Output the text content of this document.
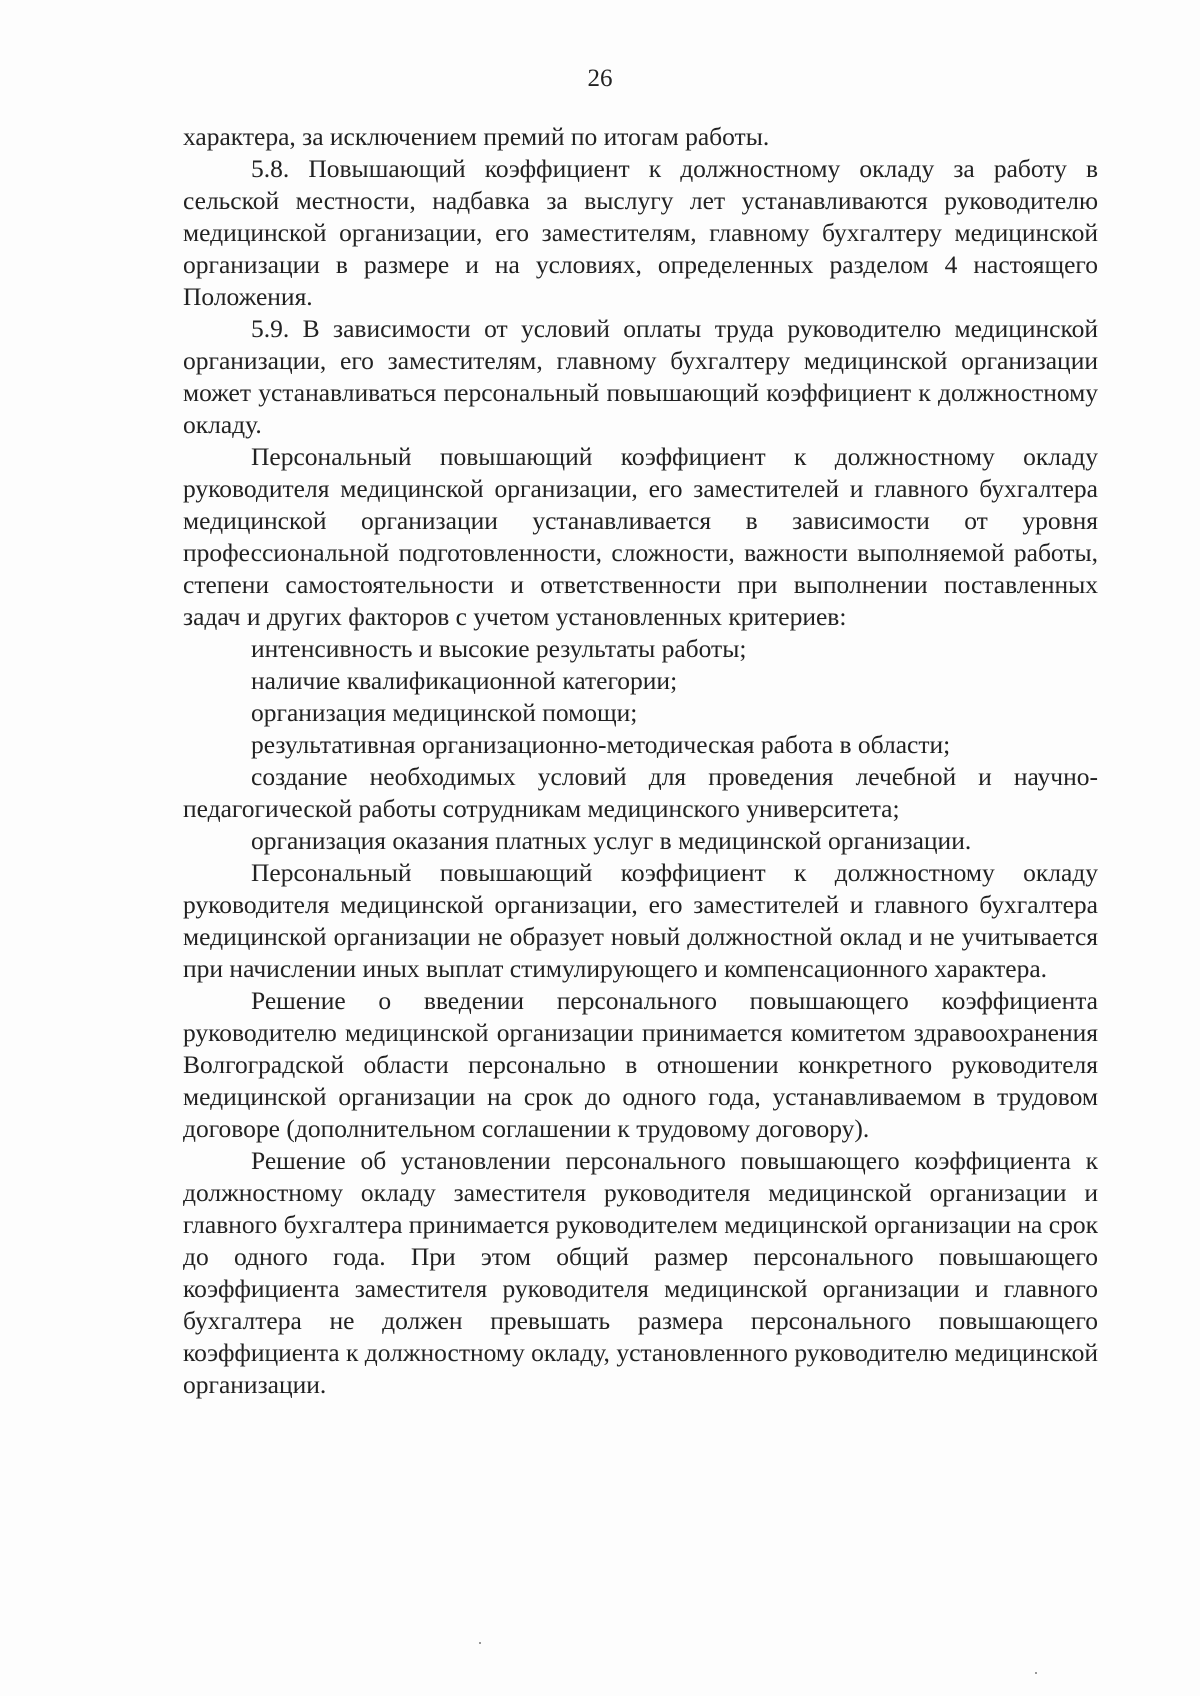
26

характера, за исключением премий по итогам работы.

5.8. Повышающий коэффициент к должностному окладу за работу в сельской местности, надбавка за выслугу лет устанавливаются руководителю медицинской организации, его заместителям, главному бухгалтеру медицинской организации в размере и на условиях, определенных разделом 4 настоящего Положения.

5.9. В зависимости от условий оплаты труда руководителю медицинской организации, его заместителям, главному бухгалтеру медицинской организации может устанавливаться персональный повышающий коэффициент к должностному окладу.

Персональный повышающий коэффициент к должностному окладу руководителя медицинской организации, его заместителей и главного бухгалтера медицинской организации устанавливается в зависимости от уровня профессиональной подготовленности, сложности, важности выполняемой работы, степени самостоятельности и ответственности при выполнении поставленных задач и других факторов с учетом установленных критериев:

интенсивность и высокие результаты работы;

наличие квалификационной категории;

организация медицинской помощи;

результативная организационно-методическая работа в области;

создание необходимых условий для проведения лечебной и научно-педагогической работы сотрудникам медицинского университета;

организация оказания платных услуг в медицинской организации.

Персональный повышающий коэффициент к должностному окладу руководителя медицинской организации, его заместителей и главного бухгалтера медицинской организации не образует новый должностной оклад и не учитывается при начислении иных выплат стимулирующего и компенсационного характера.

Решение о введении персонального повышающего коэффициента руководителю медицинской организации принимается комитетом здравоохранения Волгоградской области персонально в отношении конкретного руководителя медицинской организации на срок до одного года, устанавливаемом в трудовом договоре (дополнительном соглашении к трудовому договору).

Решение об установлении персонального повышающего коэффициента к должностному окладу заместителя руководителя медицинской организации и главного бухгалтера принимается руководителем медицинской организации на срок до одного года. При этом общий размер персонального повышающего коэффициента заместителя руководителя медицинской организации и главного бухгалтера не должен превышать размера персонального повышающего коэффициента к должностному окладу, установленного руководителю медицинской организации.
